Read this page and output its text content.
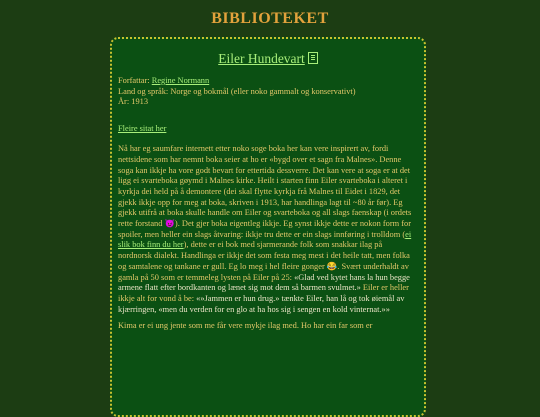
BIBLIOTEKET
Eiler Hundevart
Forfattar: Regine Normann
Land og språk: Norge og bokmål (eller noko gammalt og konservativt)
År: 1913
Fleire sitat her

Nå har eg saumfare internett etter noko soge boka her kan vere inspirert av, fordi nettsidene som har nemnt boka seier at ho er «bygd over et sagn fra Malnes». Denne soga kan ikkje ha vore godt bevart for ettertida dessverre. Det kan vere at soga er at det ligg ei svarteboka gøymd i Malnes kirke. Heilt i starten finn Eiler svarteboka i alteret i kyrkja dei held på å demontere (dei skal flytte kyrkja frå Malnes til Eidet i 1829, det gjekk ikkje opp for meg at boka, skriven i 1913, har handlinga lagt til ~80 år før). Eg gjekk utifrå at boka skulle handle om Eiler og svarteboka og all slags faenskap (i ordets rette forstand 😈). Det gjer boka eigentleg ikkje. Eg synst ikkje dette er nokon form for spoiler, men heller ein slags åtvaring: ikkje tru dette er ein slags innføring i trolldom (ei slik bok finn du her), dette er ei bok med sjarmerande folk som snakkar ilag på nordnorsk dialekt. Handlinga er ikkje det som festa meg mest i det heile tatt, men folka og samtalene og tankane er gull. Eg lo meg i hel fleire gonger 😂. Svært underhaldt av gamla på 50 som er temmeleg lysten på Eiler på 25: «Glad ved kytet hans la hun begge armene flatt efter bordkanten og lænet sig mot dem så barmen svulmet.» Eiler er heller ikkje alt for vond å be: «»Jammen er hun drug.» tænkte Eiler, han lå og tok øiemål av kjærringen, «men du verden for en glo at ha hos sig i sengen en kold vinternat.»»

Kima er ei ung jente som me får vere mykje ilag med. Ho har ein far som er
